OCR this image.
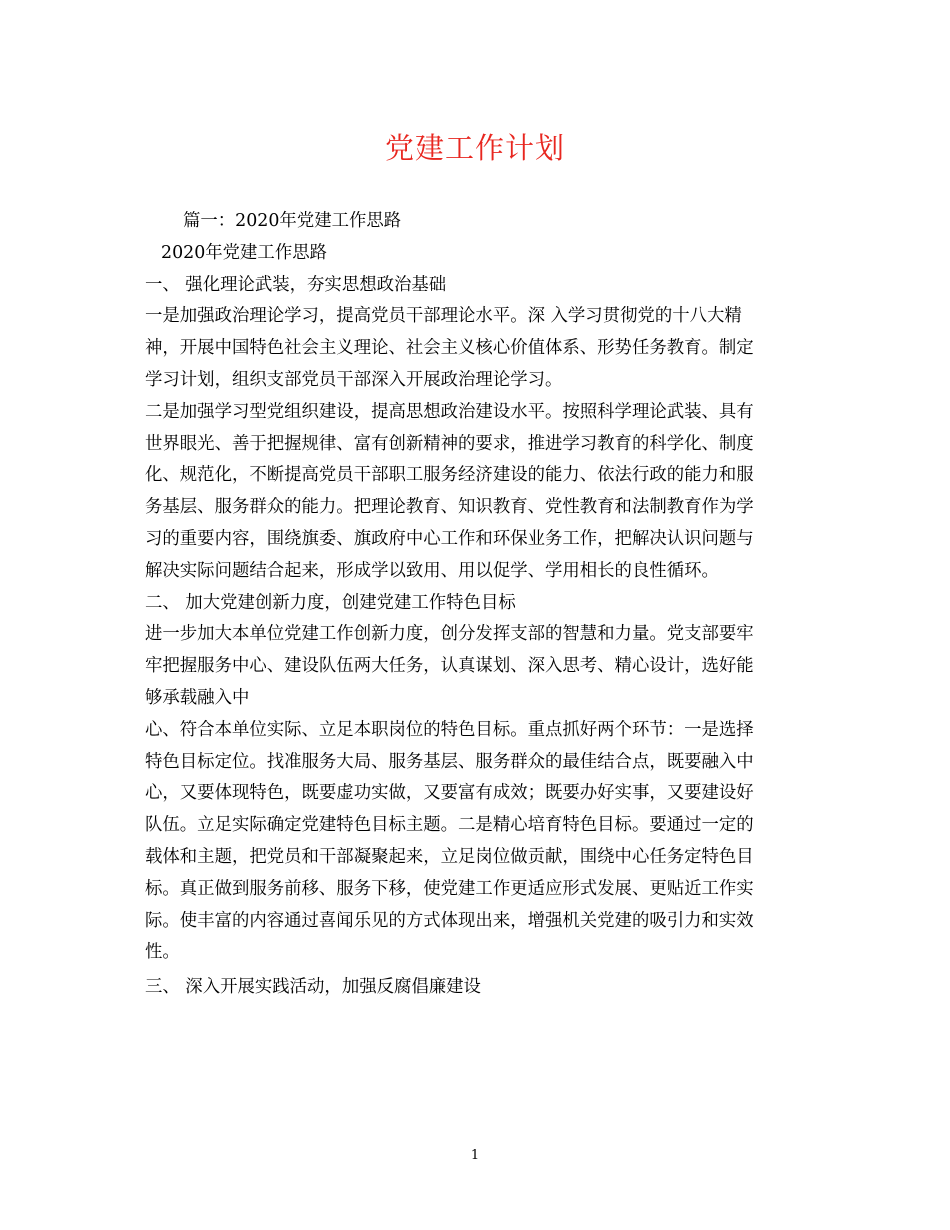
党建工作计划

篇一：2020年党建工作思路

2020年党建工作思路

一、 强化理论武装，夯实思想政治基础

一是加强政治理论学习，提高党员干部理论水平。深 入学习贯彻党的十八大精

神，开展中国特色社会主义理论、社会主义核心价值体系、形势任务教育。制定

学习计划，组织支部党员干部深入开展政治理论学习。

二是加强学习型党组织建设，提高思想政治建设水平。按照科学理论武装、具有

世界眼光、善于把握规律、富有创新精神的要求，推进学习教育的科学化、制度

化、规范化，不断提高党员干部职工服务经济建设的能力、依法行政的能力和服

务基层、服务群众的能力。把理论教育、知识教育、党性教育和法制教育作为学

习的重要内容，围绕旗委、旗政府中心工作和环保业务工作，把解决认识问题与

解决实际问题结合起来，形成学以致用、用以促学、学用相长的良性循环。

二、 加大党建创新力度，创建党建工作特色目标

进一步加大本单位党建工作创新力度，创分发挥支部的智慧和力量。党支部要牢

牢把握服务中心、建设队伍两大任务，认真谋划、深入思考、精心设计，选好能

够承载融入中

心、符合本单位实际、立足本职岗位的特色目标。重点抓好两个环节：一是选择

特色目标定位。找准服务大局、服务基层、服务群众的最佳结合点，既要融入中

心，又要体现特色，既要虚功实做，又要富有成效；既要办好实事，又要建设好

队伍。立足实际确定党建特色目标主题。二是精心培育特色目标。要通过一定的

载体和主题，把党员和干部凝聚起来，立足岗位做贡献，围绕中心任务定特色目

标。真正做到服务前移、服务下移，使党建工作更适应形式发展、更贴近工作实

际。使丰富的内容通过喜闻乐见的方式体现出来，增强机关党建的吸引力和实效

性。

三、 深入开展实践活动，加强反腐倡廉建设

1
